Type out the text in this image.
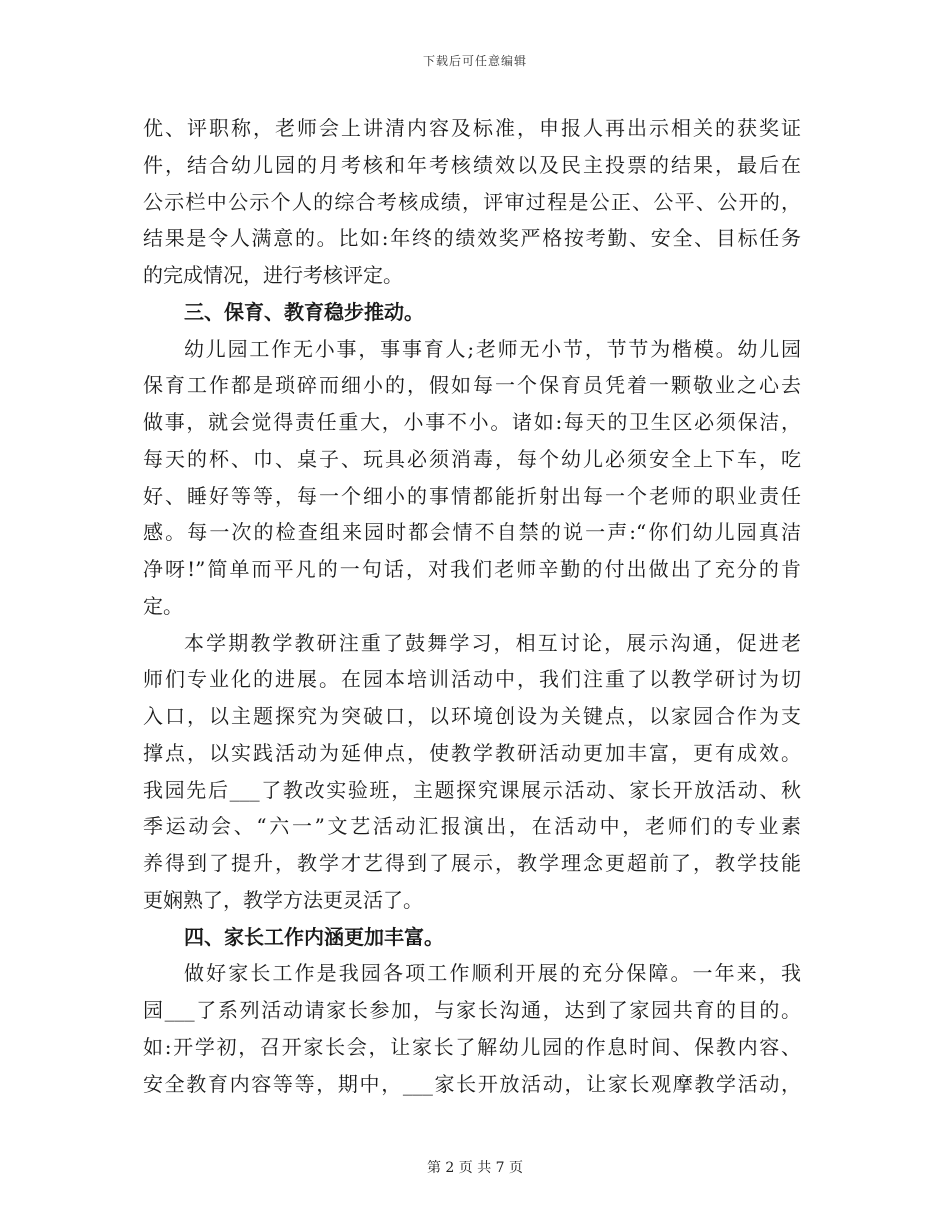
下载后可任意编辑
优、评职称，老师会上讲清内容及标准，申报人再出示相关的获奖证
件，结合幼儿园的月考核和年考核绩效以及民主投票的结果，最后在
公示栏中公示个人的综合考核成绩，评审过程是公正、公平、公开的，
结果是令人满意的。比如:年终的绩效奖严格按考勤、安全、目标任务
的完成情况，进行考核评定。
三、保育、教育稳步推动。
幼儿园工作无小事，事事育人;老师无小节，节节为楷模。幼儿园
保育工作都是琐碎而细小的，假如每一个保育员凭着一颗敬业之心去
做事，就会觉得责任重大，小事不小。诸如:每天的卫生区必须保洁，
每天的杯、巾、桌子、玩具必须消毒，每个幼儿必须安全上下车，吃
好、睡好等等，每一个细小的事情都能折射出每一个老师的职业责任
感。每一次的检查组来园时都会情不自禁的说一声:“你们幼儿园真洁
净呀!”简单而平凡的一句话，对我们老师辛勤的付出做出了充分的肯
定。
本学期教学教研注重了鼓舞学习，相互讨论，展示沟通，促进老
师们专业化的进展。在园本培训活动中，我们注重了以教学研讨为切
入口，以主题探究为突破口，以环境创设为关键点，以家园合作为支
撑点，以实践活动为延伸点，使教学教研活动更加丰富，更有成效。
我园先后___了教改实验班，主题探究课展示活动、家长开放活动、秋
季运动会、“六一”文艺活动汇报演出，在活动中，老师们的专业素
养得到了提升，教学才艺得到了展示，教学理念更超前了，教学技能
更娴熟了，教学方法更灵活了。
四、家长工作内涵更加丰富。
做好家长工作是我园各项工作顺利开展的充分保障。一年来，我
园___了系列活动请家长参加，与家长沟通，达到了家园共育的目的。
如:开学初，召开家长会，让家长了解幼儿园的作息时间、保教内容、
安全教育内容等等，期中，___家长开放活动，让家长观摩教学活动，
第 2 页 共 7 页
